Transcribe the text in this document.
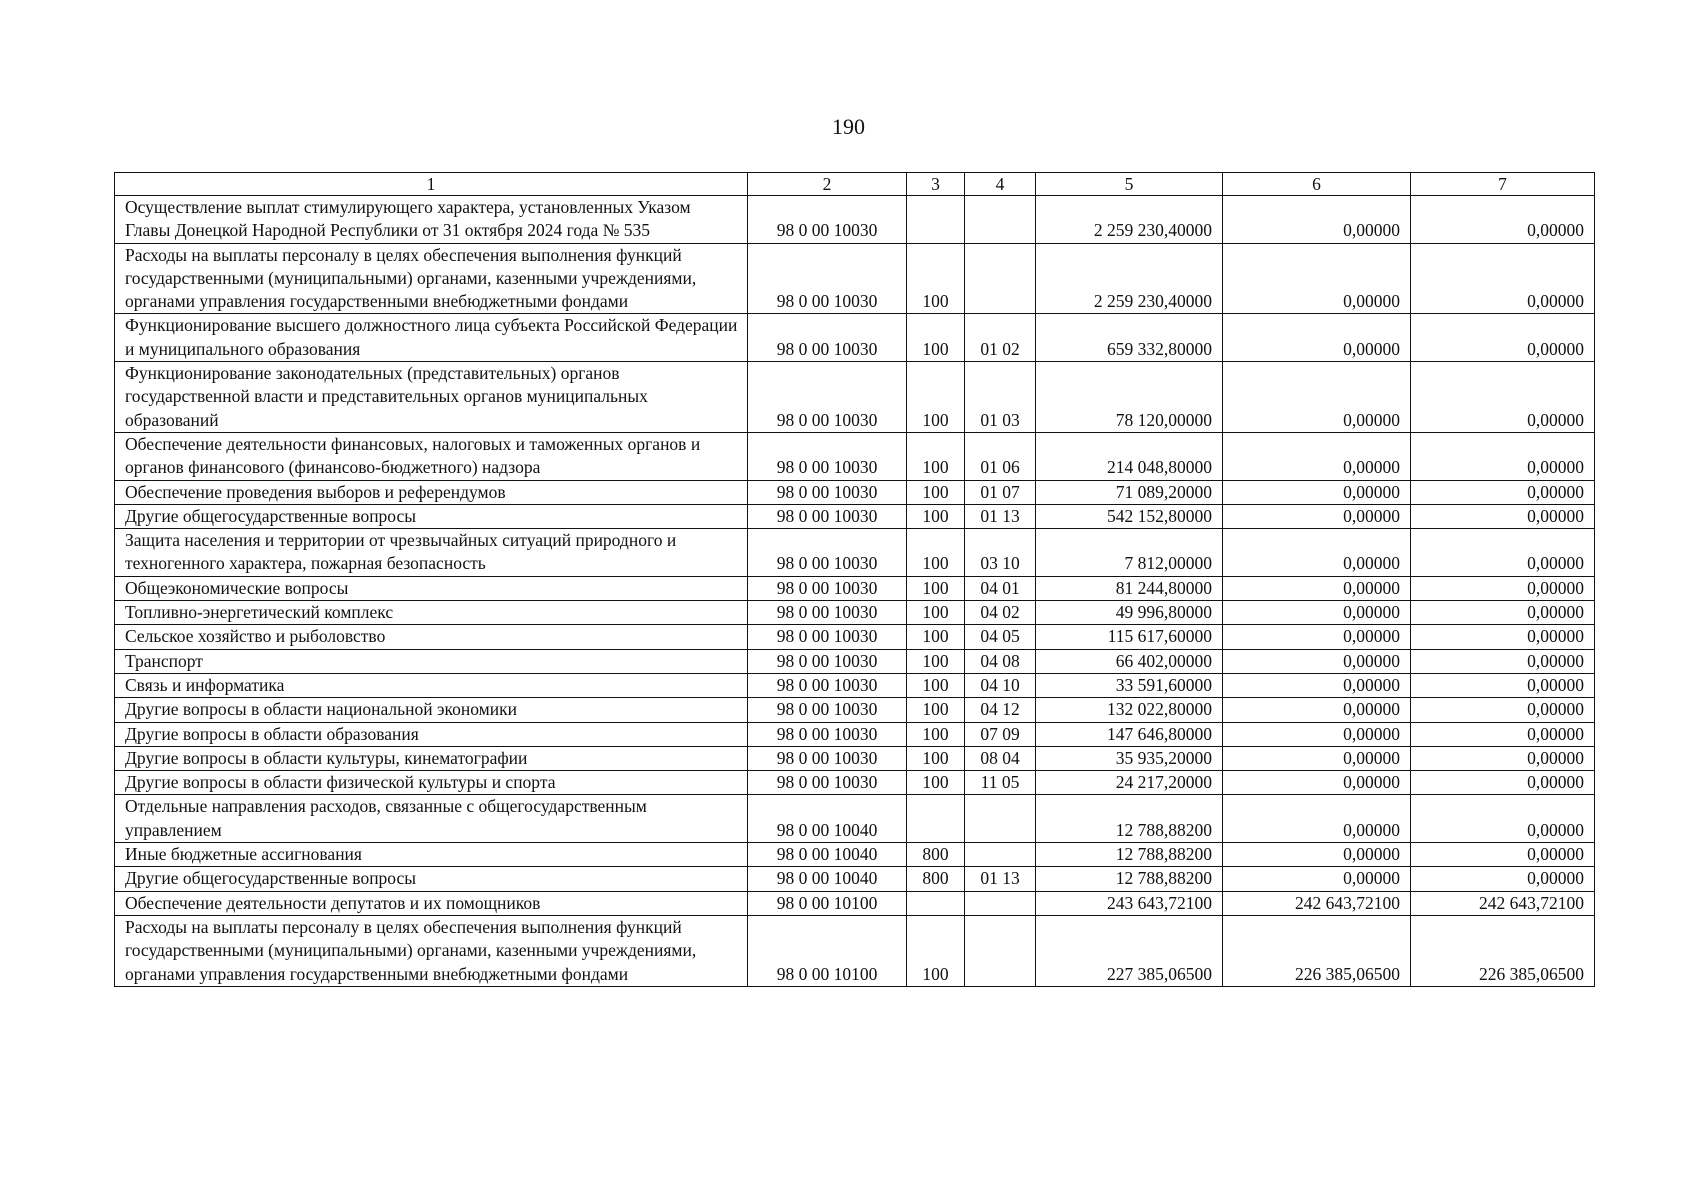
190
1	2	3	4	5	6	7
Осуществление выплат стимулирующего характера, установленных Указом Главы Донецкой Народной Республики от 31 октября 2024 года № 535	98 0 00 10030			2 259 230,40000	0,00000	0,00000
Расходы на выплаты персоналу в целях обеспечения выполнения функций государственными (муниципальными) органами, казенными учреждениями, органами управления государственными внебюджетными фондами	98 0 00 10030	100		2 259 230,40000	0,00000	0,00000
Функционирование высшего должностного лица субъекта Российской Федерации и муниципального образования	98 0 00 10030	100	01 02	659 332,80000	0,00000	0,00000
Функционирование законодательных (представительных) органов государственной власти и представительных органов муниципальных образований	98 0 00 10030	100	01 03	78 120,00000	0,00000	0,00000
Обеспечение деятельности финансовых, налоговых и таможенных органов и органов финансового (финансово-бюджетного) надзора	98 0 00 10030	100	01 06	214 048,80000	0,00000	0,00000
Обеспечение проведения выборов и референдумов	98 0 00 10030	100	01 07	71 089,20000	0,00000	0,00000
Другие общегосударственные вопросы	98 0 00 10030	100	01 13	542 152,80000	0,00000	0,00000
Защита населения и территории от чрезвычайных ситуаций природного и техногенного характера, пожарная безопасность	98 0 00 10030	100	03 10	7 812,00000	0,00000	0,00000
Общеэкономические вопросы	98 0 00 10030	100	04 01	81 244,80000	0,00000	0,00000
Топливно-энергетический комплекс	98 0 00 10030	100	04 02	49 996,80000	0,00000	0,00000
Сельское хозяйство и рыболовство	98 0 00 10030	100	04 05	115 617,60000	0,00000	0,00000
Транспорт	98 0 00 10030	100	04 08	66 402,00000	0,00000	0,00000
Связь и информатика	98 0 00 10030	100	04 10	33 591,60000	0,00000	0,00000
Другие вопросы в области национальной экономики	98 0 00 10030	100	04 12	132 022,80000	0,00000	0,00000
Другие вопросы в области образования	98 0 00 10030	100	07 09	147 646,80000	0,00000	0,00000
Другие вопросы в области культуры, кинематографии	98 0 00 10030	100	08 04	35 935,20000	0,00000	0,00000
Другие вопросы в области физической культуры и спорта	98 0 00 10030	100	11 05	24 217,20000	0,00000	0,00000
Отдельные направления расходов, связанные с общегосударственным управлением	98 0 00 10040			12 788,88200	0,00000	0,00000
Иные бюджетные ассигнования	98 0 00 10040	800		12 788,88200	0,00000	0,00000
Другие общегосударственные вопросы	98 0 00 10040	800	01 13	12 788,88200	0,00000	0,00000
Обеспечение деятельности депутатов и их помощников	98 0 00 10100			243 643,72100	242 643,72100	242 643,72100
Расходы на выплаты персоналу в целях обеспечения выполнения функций государственными (муниципальными) органами, казенными учреждениями, органами управления государственными внебюджетными фондами	98 0 00 10100	100		227 385,06500	226 385,06500	226 385,06500
